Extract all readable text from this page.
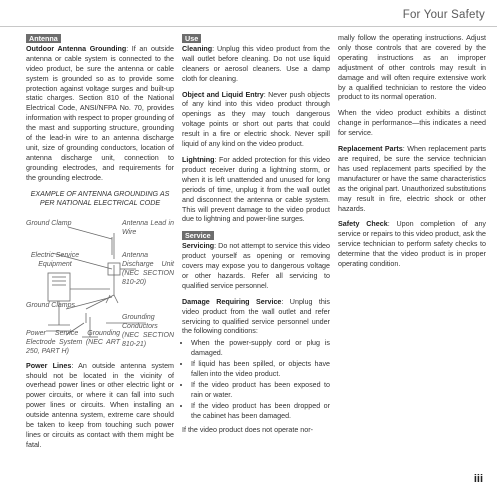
For Your Safety
Antenna

Outdoor Antenna Grounding: If an outside antenna or cable system is connected to the video product, be sure the antenna or cable system is grounded so as to provide some protection against voltage surges and built-up static charges. Section 810 of the National Electrical Code, ANSI/NFPA No. 70, provides information with respect to proper grounding of the mast and supporting structure, grounding of the lead-in wire to an antenna discharge unit, size of grounding conductors, location of antenna discharge unit, connection to grounding electrodes, and requirements for the grounding electrode.

EXAMPLE OF ANTENNA GROUNDING AS PER NATIONAL ELECTRICAL CODE
Ground Clamp	Antenna Lead in Wire
Electric Service Equipment
Antenna Discharge Unit (NEC SECTION 810-20)
Ground Clamps
Grounding Conductors (NEC SECTION 810-21)
Power Service Grounding Electrode System (NEC ART 250, PART H)

Power Lines: An outside antenna system should not be located in the vicinity of overhead power lines or other electric light or power circuits, or where it can fall into such power lines or circuits. When installing an outside antenna system, extreme care should be taken to keep from touching such power lines or circuits as contact with them might be fatal.

Use

Cleaning: Unplug this video product from the wall outlet before cleaning. Do not use liquid cleaners or aerosol cleaners. Use a damp cloth for cleaning.

Object and Liquid Entry: Never push objects of any kind into this video product through openings as they may touch dangerous voltage points or short out parts that could result in a fire or electric shock. Never spill liquid of any kind on the video product.

Lightning: For added protection for this video product receiver during a lightning storm, or when it is left unattended and unused for long periods of time, unplug it from the wall outlet and disconnect the antenna or cable system. This will prevent damage to the video product due to lightning and power-line surges.

Service

Servicing: Do not attempt to service this video product yourself as opening or removing covers may expose you to dangerous voltage or other hazards. Refer all servicing to qualified service personnel.

Damage Requiring Service: Unplug this video product from the wall outlet and refer servicing to qualified service personnel under the following conditions:

• When the power-supply cord or plug is damaged.
• If liquid has been spilled, or objects have fallen into the video product.
• If the video product has been exposed to rain or water.
• If the video product has been dropped or the cabinet has been damaged.

If the video product does not operate nor-

mally follow the operating instructions. Adjust only those controls that are covered by the operating instructions as an improper adjustment of other controls may result in damage and will often require extensive work by a qualified technician to restore the video product to its normal operation.

When the video product exhibits a distinct change in performance—this indicates a need for service.

Replacement Parts: When replacement parts are required, be sure the service technician has used replacement parts specified by the manufacturer or have the same characteristics as the original part. Unauthorized substitutions may result in fire, electric shock or other hazards.

Safety Check: Upon completion of any service or repairs to this video product, ask the service technician to perform safety checks to determine that the video product is in proper operating condition.

iii
